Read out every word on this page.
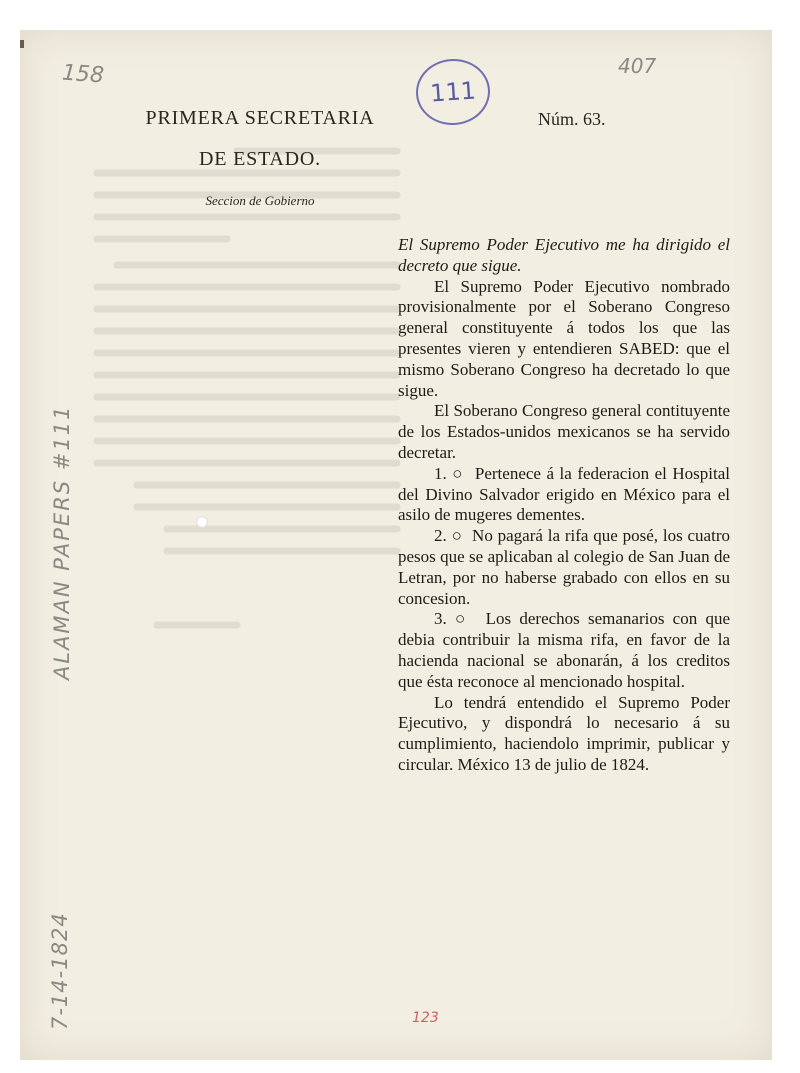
158	407
111
PRIMERA SECRETARIA
DE ESTADO.
Seccion de Gobierno
Núm. 63.
ALAMAN PAPERS #111
7-14-1824

El Supremo Poder Ejecutivo me ha dirigido el decreto que sigue.

El Supremo Poder Ejecutivo nombrado provisionalmente por el Soberano Congreso general constituyente á todos los que las presentes vieren y entendieren SABED: que el mismo Soberano Congreso ha decretado lo que sigue.

El Soberano Congreso general contituyente de los Estados-unidos mexicanos se ha servido decretar.

1. ○ Pertenece á la federacion el Hospital del Divino Salvador erigido en México para el asilo de mugeres dementes.

2. ○ No pagará la rifa que posé, los cuatro pesos que se aplicaban al colegio de San Juan de Letran, por no haberse grabado con ellos en su concesion.

3. ○ Los derechos semanarios con que debia contribuir la misma rifa, en favor de la hacienda nacional se abonarán, á los creditos que ésta reconoce al mencionado hospital.

Lo tendrá entendido el Supremo Poder Ejecutivo, y dispondrá lo necesario á su cumplimiento, haciendolo imprimir, publicar y circular. México 13 de julio de 1824.

123
